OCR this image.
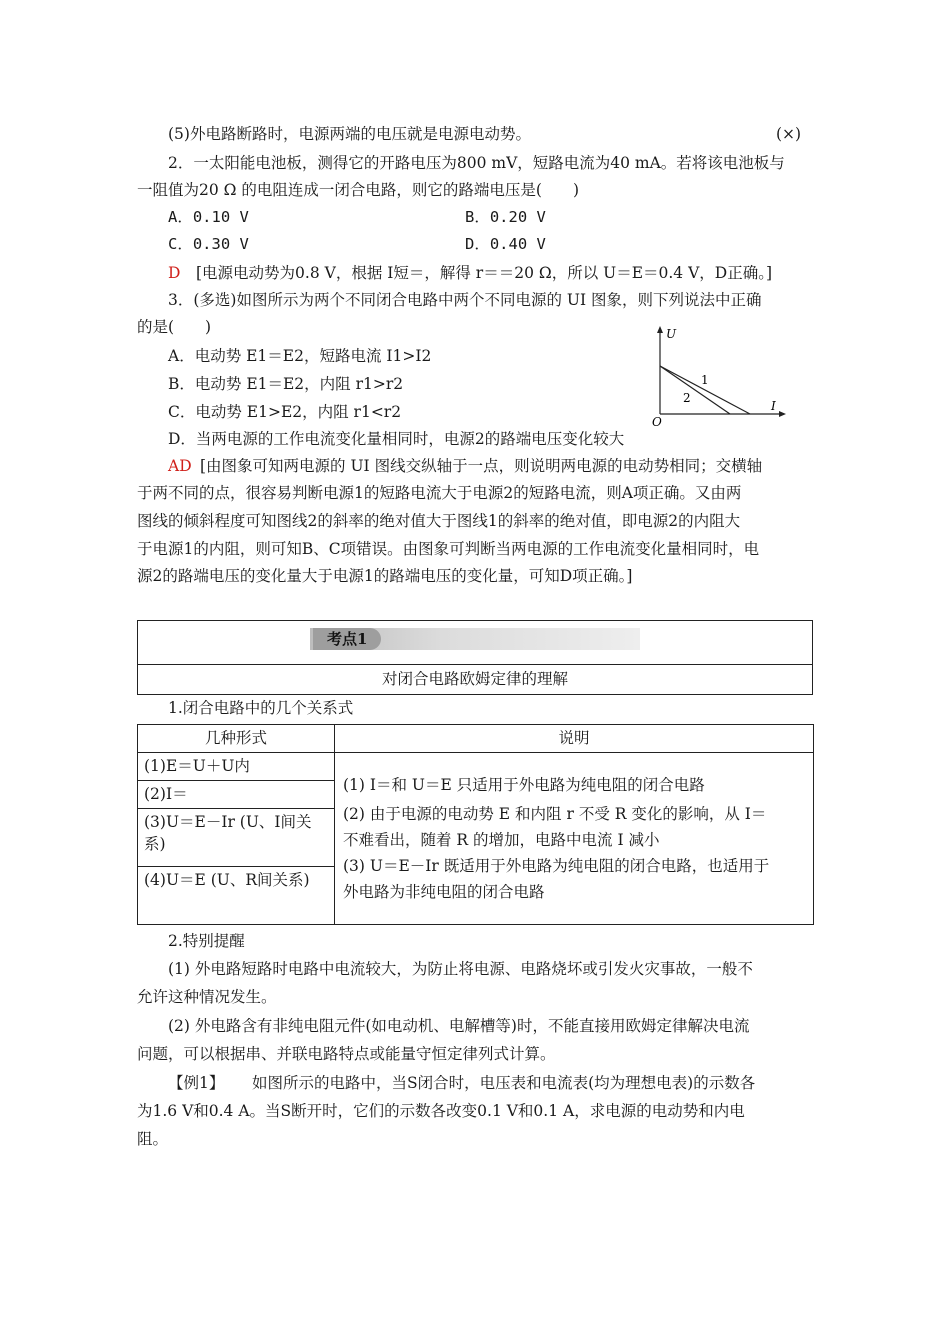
(5)外电路断路时，电源两端的电压就是电源电动势。	(×)
2．一太阳能电池板，测得它的开路电压为800 mV，短路电流为40 mA。若将该电池板与
一阻值为20 Ω 的电阻连成一闭合电路，则它的路端电压是(　　)
A．0.10 V	B．0.20 V
C．0.30 V	D．0.40 V
D [电源电动势为0.8 V，根据 I短＝，解得 r＝＝20 Ω，所以 U＝E＝0.4 V，D正确。]
3．(多选)如图所示为两个不同闭合电路中两个不同电源的 UI 图象，则下列说法中正确
的是(　　)
A．电动势 E1＝E2，短路电流 I1>I2
B．电动势 E1＝E2，内阻 r1>r2
C．电动势 E1>E2，内阻 r1<r2
D．当两电源的工作电流变化量相同时，电源2的路端电压变化较大
U
I
O
1
2
AD [由图象可知两电源的 UI 图线交纵轴于一点，则说明两电源的电动势相同；交横轴
于两不同的点，很容易判断电源1的短路电流大于电源2的短路电流，则A项正确。又由两
图线的倾斜程度可知图线2的斜率的绝对值大于图线1的斜率的绝对值，即电源2的内阻大
于电源1的内阻，则可知B、C项错误。由图象可判断当两电源的工作电流变化量相同时，电
源2的路端电压的变化量大于电源1的路端电压的变化量，可知D项正确。]
考点1
对闭合电路欧姆定律的理解
1.闭合电路中的几个关系式
几种形式	说明
(1)E＝U＋U内	(1) I＝和 U＝E 只适用于外电路为纯电阻的闭合电路
(2) 由于电源的电动势 E 和内阻 r 不受 R 变化的影响，从 I＝
不难看出，随着 R 的增加，电路中电流 I 减小
(3) U＝E－Ir 既适用于外电路为纯电阻的闭合电路，也适用于
外电路为非纯电阻的闭合电路

(2)I＝	
(3)U＝E－Ir (U、I间关系)	
(4)U＝E (U、R间关系)	
2.特别提醒
(1) 外电路短路时电路中电流较大，为防止将电源、电路烧坏或引发火灾事故，一般不
允许这种情况发生。
(2) 外电路含有非纯电阻元件(如电动机、电解槽等)时，不能直接用欧姆定律解决电流
问题，可以根据串、并联电路特点或能量守恒定律列式计算。
【例1】 如图所示的电路中，当S闭合时，电压表和电流表(均为理想电表)的示数各
为1.6 V和0.4 A。当S断开时，它们的示数各改变0.1 V和0.1 A，求电源的电动势和内电
阻。
